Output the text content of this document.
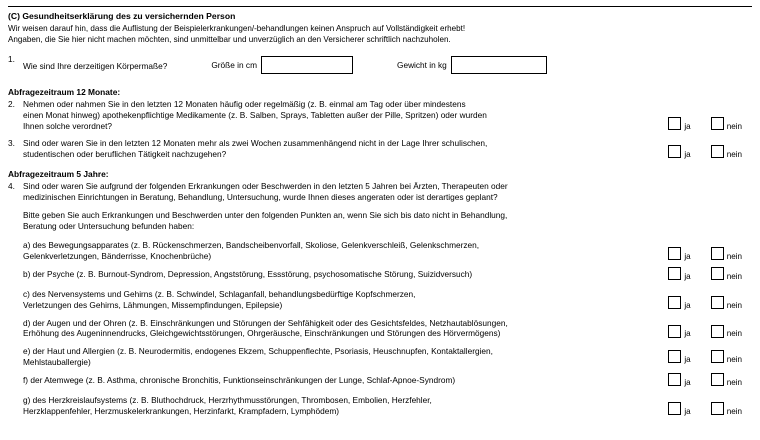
(C) Gesundheitserklärung des zu versichernden Person
Wir weisen darauf hin, dass die Auflistung der Beispielerkrankungen/-behandlungen keinen Anspruch auf Vollständigkeit erhebt!
Angaben, die Sie hier nicht machen möchten, sind unmittelbar und unverzüglich an den Versicherer schriftlich nachzuholen.
1.
Wie sind Ihre derzeitigen Körpermaße?	Größe in cm	Gewicht in kg
Abfragezeitraum 12 Monate:
2. Nehmen oder nahmen Sie in den letzten 12 Monaten häufig oder regelmäßig (z. B. einmal am Tag oder über mindestens
einen Monat hinweg) apothekenpflichtige Medikamente (z. B. Salben, Sprays, Tabletten außer der Pille, Spritzen) oder wurden
Ihnen solche verordnet?	ja	nein
3. Sind oder waren Sie in den letzten 12 Monaten mehr als zwei Wochen zusammenhängend nicht in der Lage Ihrer schulischen,
studentischen oder beruflichen Tätigkeit nachzugehen?	ja	nein
Abfragezeitraum 5 Jahre:
4. Sind oder waren Sie aufgrund der folgenden Erkrankungen oder Beschwerden in den letzten 5 Jahren bei Ärzten, Therapeuten oder
medizinischen Einrichtungen in Beratung, Behandlung, Untersuchung, wurde Ihnen dieses angeraten oder ist derartiges geplant?
Bitte geben Sie auch Erkrankungen und Beschwerden unter den folgenden Punkten an, wenn Sie sich bis dato nicht in Behandlung,
Beratung oder Untersuchung befunden haben:
a) des Bewegungsapparates (z. B. Rückenschmerzen, Bandscheibenvorfall, Skoliose, Gelenkverschleiß, Gelenkschmerzen,
Gelenkverletzungen, Bänderrisse, Knochenbrüche)	ja	nein
b) der Psyche (z. B. Burnout-Syndrom, Depression, Angststörung, Essstörung, psychosomatische Störung, Suizidversuch)	ja	nein
c) des Nervensystems und Gehirns (z. B. Schwindel, Schlaganfall, behandlungsbedürftige Kopfschmerzen,
Verletzungen des Gehirns, Lähmungen, Missempfindungen, Epilepsie)	ja	nein
d) der Augen und der Ohren (z. B. Einschränkungen und Störungen der Sehfähigkeit oder des Gesichtsfeldes, Netzhautablösungen,
Erhöhung des Augeninnendrucks, Gleichgewichtsstörungen, Ohrgeräusche, Einschränkungen und Störungen des Hörvermögens)	ja	nein
e) der Haut und Allergien (z. B. Neurodermitis, endogenes Ekzem, Schuppenflechte, Psoriasis, Heuschnupfen, Kontaktallergien,
Mehlstauballergie)	ja	nein
f) der Atemwege (z. B. Asthma, chronische Bronchitis, Funktionseinschränkungen der Lunge, Schlaf-Apnoe-Syndrom)	ja	nein
g) des Herzkreislaufsystems (z. B. Bluthochdruck, Herzrhythmusstörungen, Thrombosen, Embolien, Herzfehler,
Herzklappenfehler, Herzmuskelerkrankungen, Herzinfarkt, Krampfadern, Lymphödem)	ja	nein
